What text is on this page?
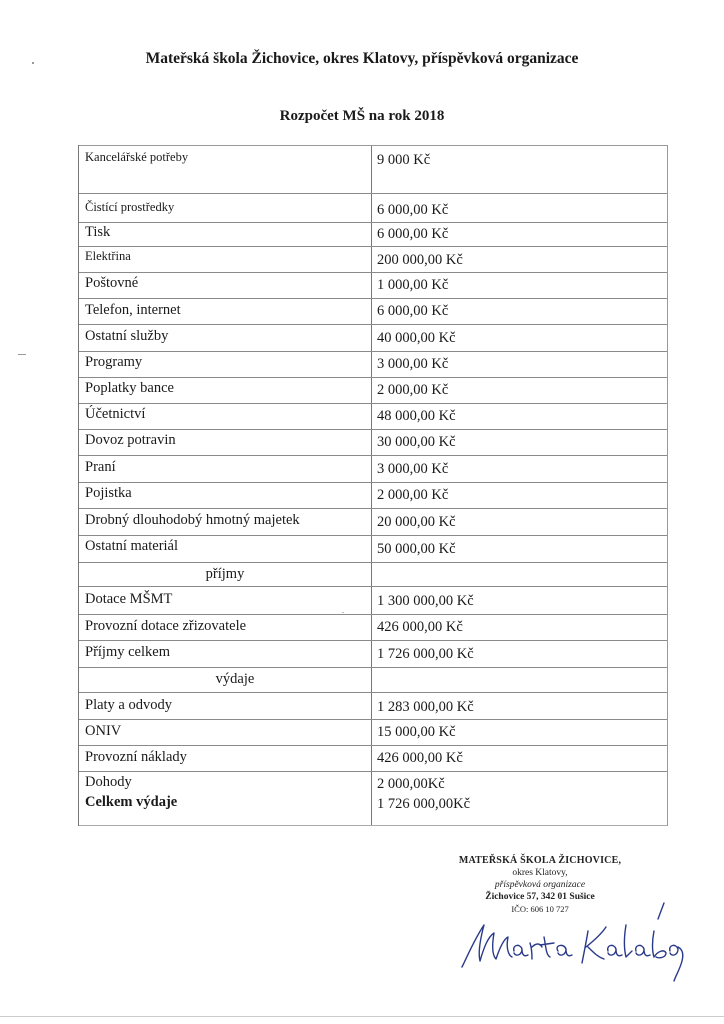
Mateřská škola Žichovice, okres Klatovy, příspěvková organizace
Rozpočet MŠ na rok 2018
Kancelářské potřeby	9 000 Kč
Čistící prostředky	6 000,00 Kč
Tisk	6 000,00 Kč
Elektřina	200 000,00 Kč
Poštovné	1 000,00 Kč
Telefon, internet	6 000,00 Kč
Ostatní služby	40 000,00 Kč
Programy	3 000,00 Kč
Poplatky bance	2 000,00 Kč
Účetnictví	48 000,00 Kč
Dovoz potravin	30 000,00 Kč
Praní	3 000,00 Kč
Pojistka	2 000,00 Kč
Drobný dlouhodobý hmotný majetek	20 000,00 Kč
Ostatní materiál	50 000,00 Kč
příjmy
Dotace MŠMT	1 300 000,00 Kč
Provozní dotace zřizovatele	426 000,00 Kč
Příjmy celkem	1 726 000,00 Kč
výdaje
Platy a odvody	1 283 000,00 Kč
ONIV	15 000,00 Kč
Provozní náklady	426 000,00 Kč
Dohody	2 000,00Kč
Celkem výdaje	1 726 000,00Kč
MATEŘSKÁ ŠKOLA ŽICHOVICE,
okres Klatovy,
příspěvková organizace
Žichovice 57, 342 01 Sušice
IČO: 606 10 727
